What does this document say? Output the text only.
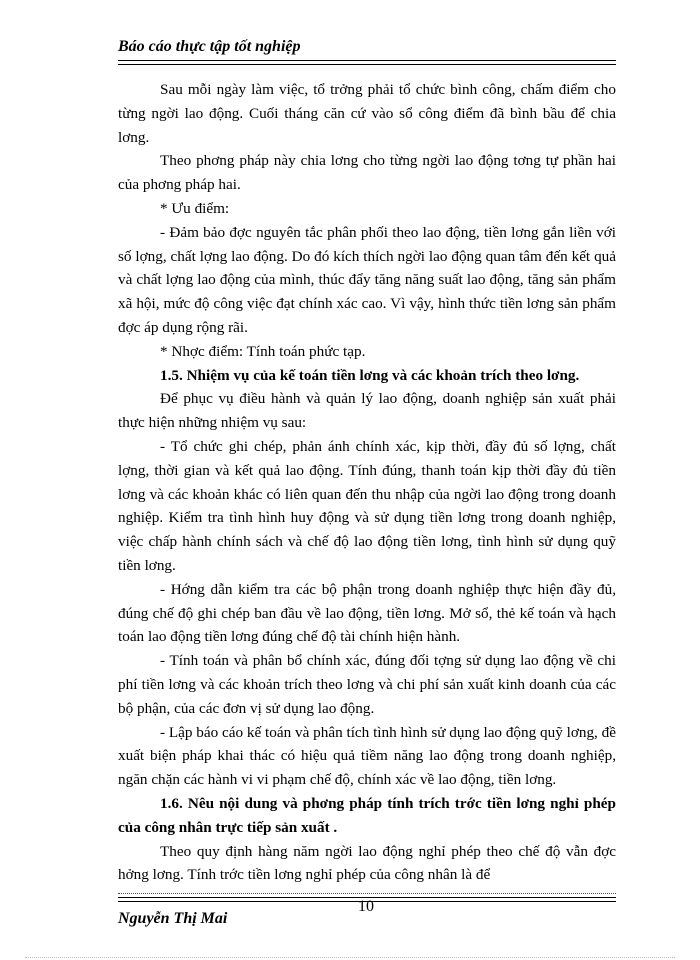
Báo cáo thực tập tốt nghiệp

Sau mỗi ngày làm việc, tổ trởng phải tổ chức bình công, chấm điểm cho từng ngời lao động. Cuối tháng căn cứ vào sổ công điểm đã bình bầu để chia lơng.

Theo phơng pháp này chia lơng cho từng ngời lao động tơng tự phần hai của phơng pháp hai.

* Ưu điểm:

- Đảm bảo đợc nguyên tắc phân phối theo lao động, tiền lơng gắn liền với số lợng, chất lợng lao động. Do đó kích thích ngời lao động quan tâm đến kết quả và chất lợng lao động của mình, thúc đẩy tăng năng suất lao động, tăng sản phẩm xã hội, mức độ công việc đạt chính xác cao. Vì vậy, hình thức tiền lơng sản phẩm đợc áp dụng rộng rãi.

* Nhợc điểm: Tính toán phức tạp.

1.5. Nhiệm vụ của kế toán tiền lơng và các khoản trích theo lơng.

Để phục vụ điều hành và quản lý lao động, doanh nghiệp sản xuất phải thực hiện những nhiệm vụ sau:

- Tổ chức ghi chép, phản ánh chính xác, kịp thời, đầy đủ số lợng, chất lợng, thời gian và kết quả lao động. Tính đúng, thanh toán kịp thời đầy đủ tiền lơng và các khoản khác có liên quan đến thu nhập của ngời lao động trong doanh nghiệp. Kiểm tra tình hình huy động và sử dụng tiền lơng trong doanh nghiệp, việc chấp hành chính sách và chế độ lao động tiền lơng, tình hình sử dụng quỹ tiền lơng.

- Hớng dẫn kiểm tra các bộ phận trong doanh nghiệp thực hiện đầy đủ, đúng chế độ ghi chép ban đầu về lao động, tiền lơng. Mở sổ, thẻ kế toán và hạch toán lao động tiền lơng đúng chế độ tài chính hiện hành.

- Tính toán và phân bổ chính xác, đúng đối tợng sử dụng lao động về chi phí tiền lơng và các khoản trích theo lơng và chi phí sản xuất kinh doanh của các bộ phận, của các đơn vị sử dụng lao động.

- Lập báo cáo kế toán và phân tích tình hình sử dụng lao động quỹ lơng, đề xuất biện pháp khai thác có hiệu quả tiềm năng lao động trong doanh nghiệp, ngăn chặn các hành vi vi phạm chế độ, chính xác về lao động, tiền lơng.

1.6. Nêu nội dung và phơng pháp tính trích trớc tiền lơng nghỉ phép của công nhân trực tiếp sản xuất .

Theo quy định hàng năm ngời lao động nghỉ phép theo chế độ vẫn đợc hởng lơng. Tính trớc tiền lơng nghỉ phép của công nhân là để

10
Nguyễn Thị Mai
